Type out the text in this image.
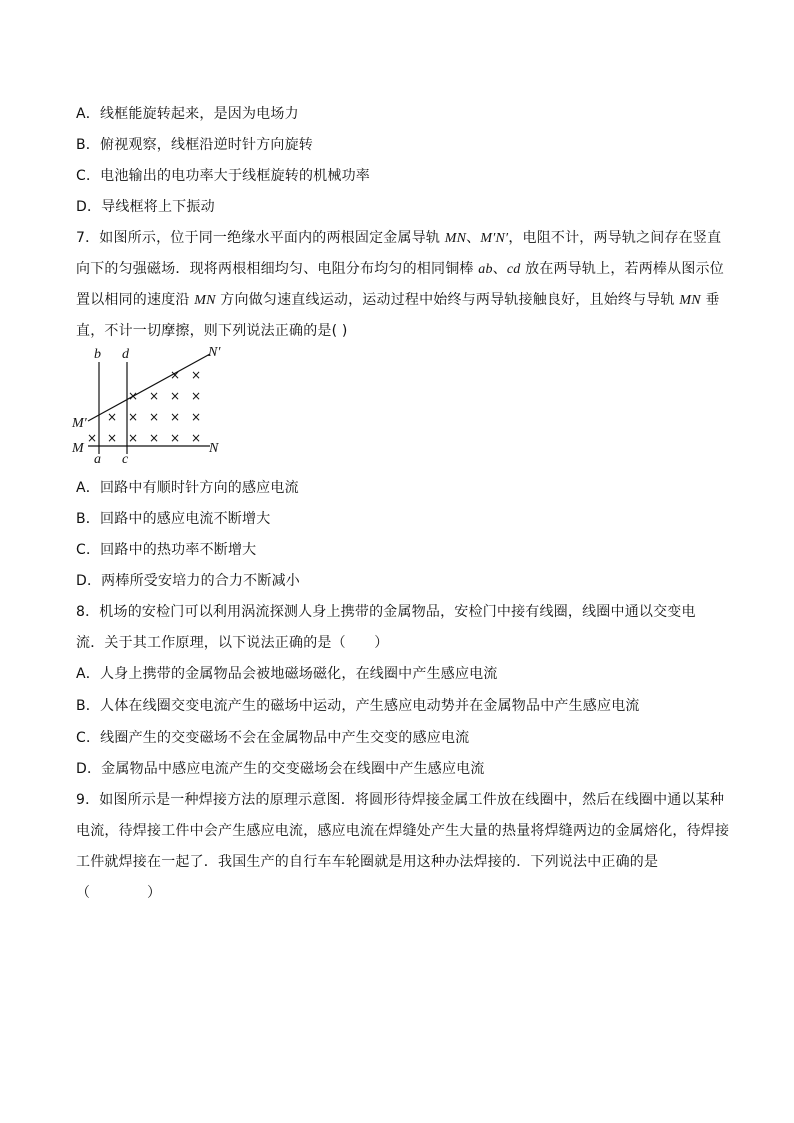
A．线框能旋转起来，是因为电场力
B．俯视观察，线框沿逆时针方向旋转
C．电池输出的电功率大于线框旋转的机械功率
D．导线框将上下振动
7．如图所示，位于同一绝缘水平面内的两根固定金属导轨 MN、M′N′，电阻不计，两导轨之间存在竖直
向下的匀强磁场．现将两根相细均匀、电阻分布均匀的相同铜棒 ab、cd 放在两导轨上，若两棒从图示位
置以相同的速度沿 MN 方向做匀速直线运动，运动过程中始终与两导轨接触良好，且始终与导轨 MN 垂
直，不计一切摩擦，则下列说法正确的是( )
× × × × × ×
× × × × ×
× × × ×
× ×
b d	N′
M′
M	N
a c
A．回路中有顺时针方向的感应电流
B．回路中的感应电流不断增大
C．回路中的热功率不断增大
D．两棒所受安培力的合力不断减小
8．机场的安检门可以利用涡流探测人身上携带的金属物品，安检门中接有线圈，线圈中通以交变电
流．关于其工作原理，以下说法正确的是（　　）
A．人身上携带的金属物品会被地磁场磁化，在线圈中产生感应电流
B．人体在线圈交变电流产生的磁场中运动，产生感应电动势并在金属物品中产生感应电流
C．线圈产生的交变磁场不会在金属物品中产生交变的感应电流
D．金属物品中感应电流产生的交变磁场会在线圈中产生感应电流
9．如图所示是一种焊接方法的原理示意图．将圆形待焊接金属工件放在线圈中，然后在线圈中通以某种
电流，待焊接工件中会产生感应电流，感应电流在焊缝处产生大量的热量将焊缝两边的金属熔化，待焊接
工件就焊接在一起了．我国生产的自行车车轮圈就是用这种办法焊接的．下列说法中正确的是
（　　　　）
